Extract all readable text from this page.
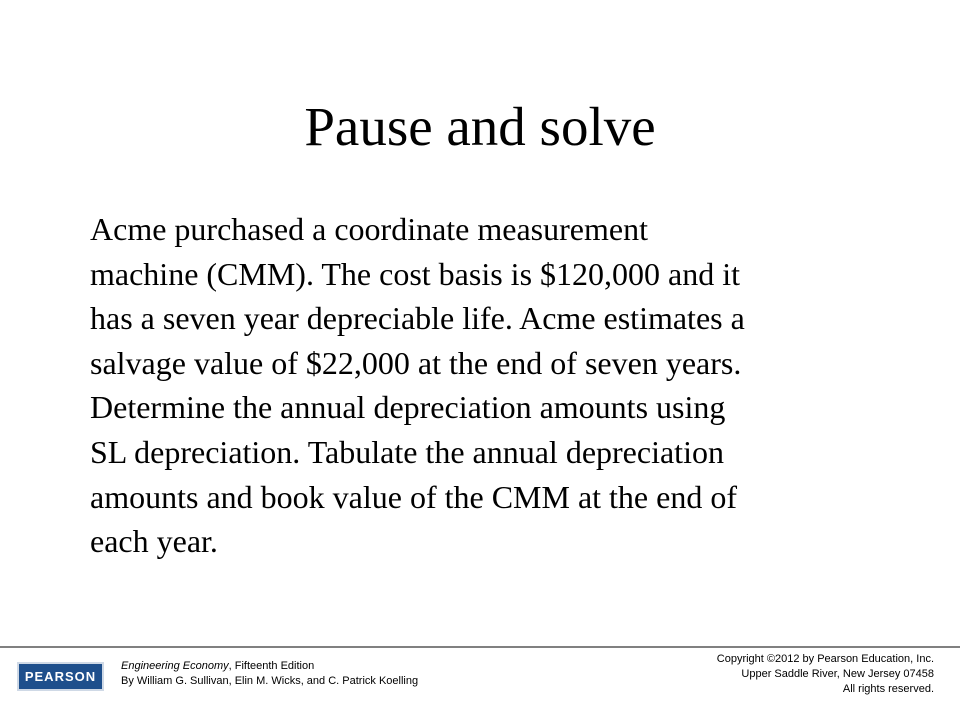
Pause and solve
Acme purchased a coordinate measurement
machine (CMM). The cost basis is $120,000 and it
has a seven year depreciable life. Acme estimates a
salvage value of $22,000 at the end of seven years.
Determine the annual depreciation amounts using
SL depreciation. Tabulate the annual depreciation
amounts and book value of the CMM at the end of
each year.
PEARSON
Engineering Economy, Fifteenth Edition
By William G. Sullivan, Elin M. Wicks, and C. Patrick Koelling
Copyright ©2012 by Pearson Education, Inc.
Upper Saddle River, New Jersey 07458
All rights reserved.
